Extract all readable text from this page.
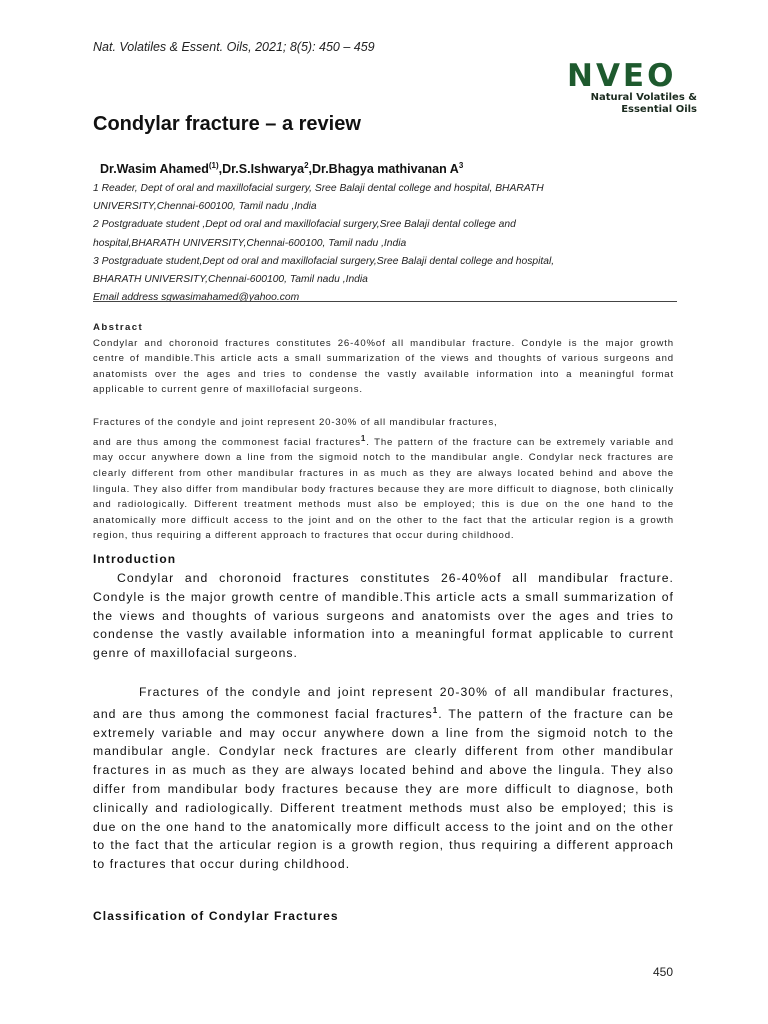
Nat. Volatiles & Essent. Oils, 2021; 8(5): 450 – 459
NVEO
Natural Volatiles &
Essential Oils
Condylar fracture – a review
Dr.Wasim Ahamed$^{(1)}$,Dr.S.Ishwarya$^2$,Dr.Bhagya mathivanan $A^3$
1 Reader, Dept of oral and maxillofacial surgery, Sree Balaji dental college and hospital, BHARATH
UNIVERSITY,Chennai-600100, Tamil nadu ,India
2 Postgraduate student ,Dept od oral and maxillofacial surgery,Sree Balaji dental college and
hospital,BHARATH UNIVERSITY,Chennai-600100, Tamil nadu ,India
3 Postgraduate student,Dept od oral and maxillofacial surgery,Sree Balaji dental college and hospital,
BHARATH UNIVERSITY,Chennai-600100, Tamil nadu ,India
Email address sgwasimahamed@yahoo.com
Abstract

Condylar and choronoid fractures constitutes 26-40%of all mandibular fracture. Condyle is the major growth centre of mandible.This article acts a small summarization of the views and thoughts of various surgeons and anatomists over the ages and tries to condense the vastly available information into a meaningful format applicable to current genre of maxillofacial surgeons.

Fractures of the condyle and joint represent 20-30% of all mandibular fractures,
and are thus among the commonest facial fractures$^1$. The pattern of the fracture can be extremely variable and may occur anywhere down a line from the sigmoid notch to the mandibular angle. Condylar neck fractures are clearly different from other mandibular fractures in as much as they are always located behind and above the lingula. They also differ from mandibular body fractures because they are more difficult to diagnose, both clinically and radiologically. Different treatment methods must also be employed; this is due on the one hand to the anatomically more difficult access to the joint and on the other to the fact that the articular region is a growth region, thus requiring a different approach to fractures that occur during childhood.

Introduction

Condylar and choronoid fractures constitutes 26-40%of all mandibular fracture. Condyle is the major growth centre of mandible.This article acts a small summarization of the views and thoughts of various surgeons and anatomists over the ages and tries to condense the vastly available information into a meaningful format applicable to current genre of maxillofacial surgeons.

Fractures of the condyle and joint represent 20-30% of all mandibular fractures, and are thus among the commonest facial fractures$^1$. The pattern of the fracture can be extremely variable and may occur anywhere down a line from the sigmoid notch to the mandibular angle. Condylar neck fractures are clearly different from other mandibular fractures in as much as they are always located behind and above the lingula. They also differ from mandibular body fractures because they are more difficult to diagnose, both clinically and radiologically. Different treatment methods must also be employed; this is due on the one hand to the anatomically more difficult access to the joint and on the other to the fact that the articular region is a growth region, thus requiring a different approach to fractures that occur during childhood.

Classification of Condylar Fractures
450
